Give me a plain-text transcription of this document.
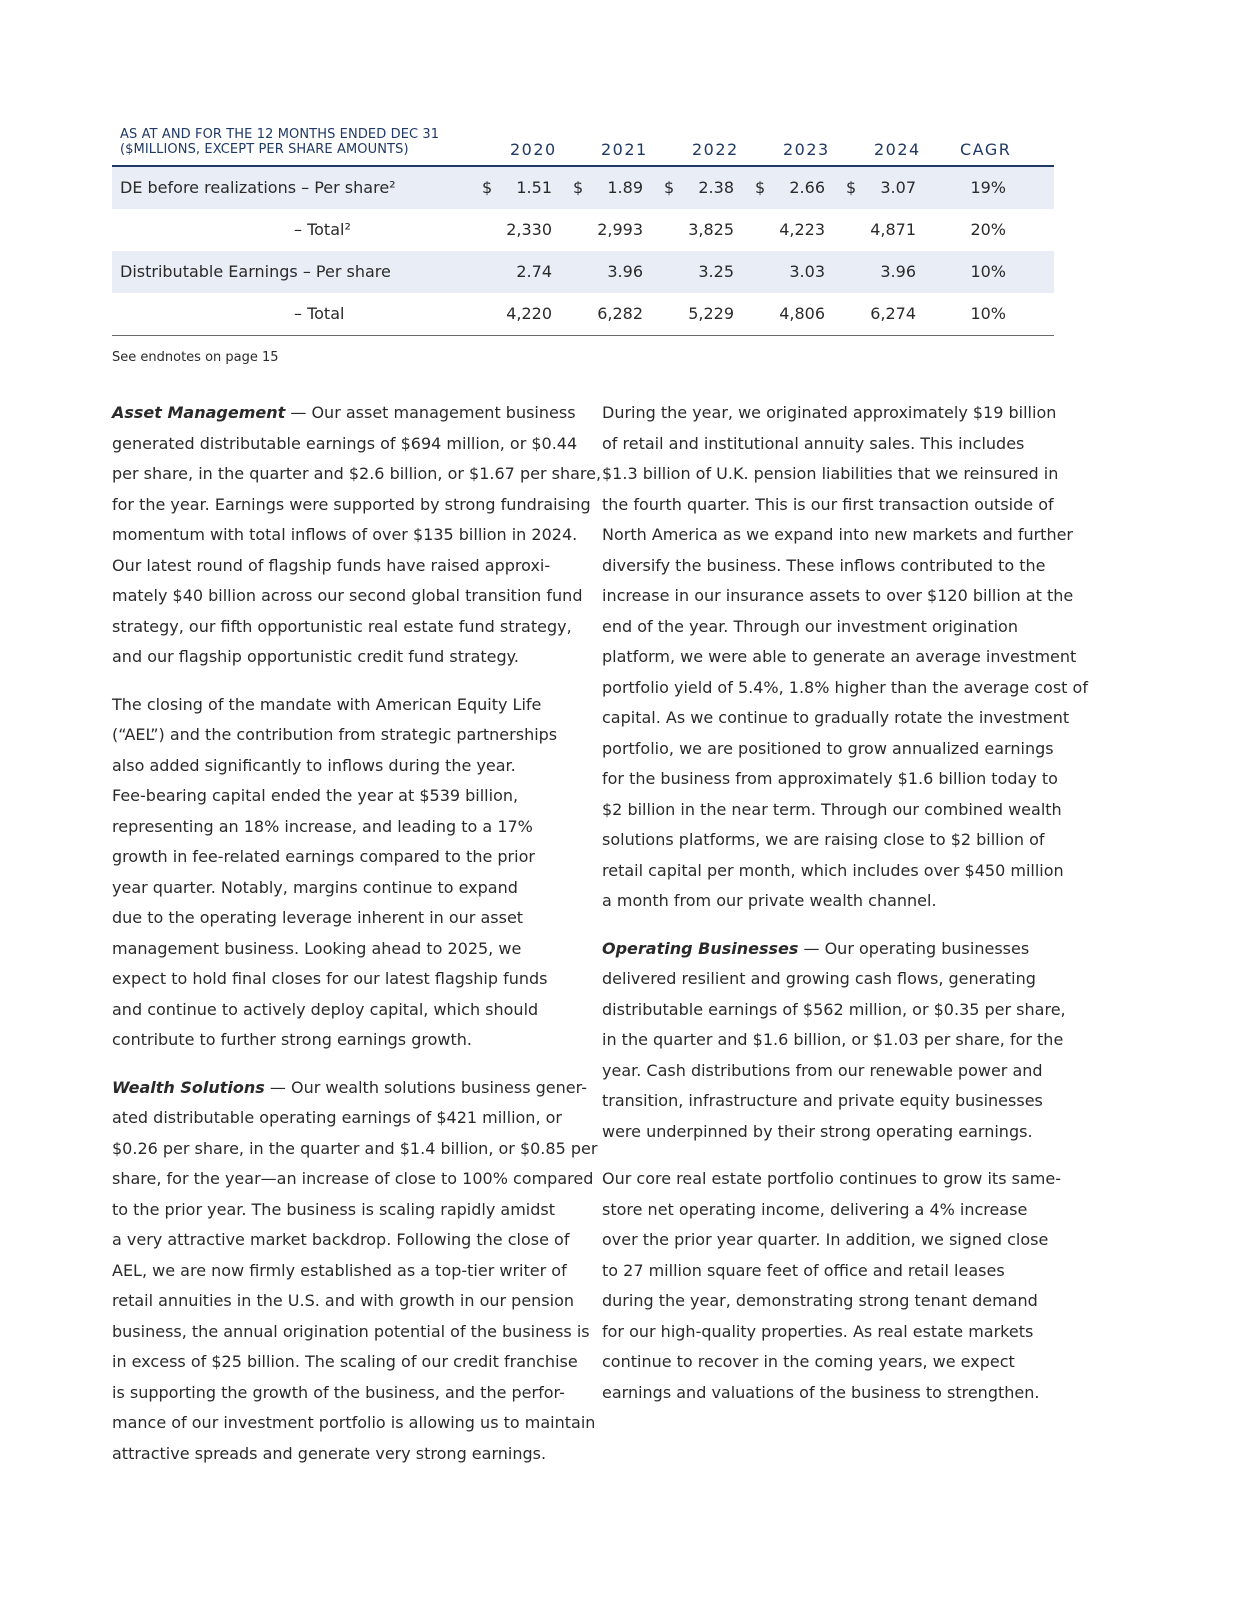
AS AT AND FOR THE 12 MONTHS ENDED DEC 31
($MILLIONS, EXCEPT PER SHARE AMOUNTS)	2020	2021	2022	2023	2024 CAGR
DE before realizations – Per share²	$	1.51 $	1.89 $	2.38 $	2.66 $	3.07	19%
– Total²	2,330	2,993	3,825	4,223	4,871	20%
Distributable Earnings – Per share	2.74	3.96	3.25	3.03	3.96	10%
– Total	4,220	6,282	5,229	4,806	6,274	10%
See endnotes on page 15

Asset Management — Our asset management business
generated distributable earnings of $694 million, or $0.44
per share, in the quarter and $2.6 billion, or $1.67 per share,
for the year. Earnings were supported by strong fundraising
momentum with total inflows of over $135 billion in 2024.
Our latest round of flagship funds have raised approxi-
mately $40 billion across our second global transition fund
strategy, our fifth opportunistic real estate fund strategy,
and our flagship opportunistic credit fund strategy.

The closing of the mandate with American Equity Life
(“AEL”) and the contribution from strategic partnerships
also added significantly to inflows during the year.
Fee-bearing capital ended the year at $539 billion,
representing an 18% increase, and leading to a 17%
growth in fee-related earnings compared to the prior
year quarter. Notably, margins continue to expand
due to the operating leverage inherent in our asset
management business. Looking ahead to 2025, we
expect to hold final closes for our latest flagship funds
and continue to actively deploy capital, which should
contribute to further strong earnings growth.

Wealth Solutions — Our wealth solutions business gener-
ated distributable operating earnings of $421 million, or
$0.26 per share, in the quarter and $1.4 billion, or $0.85 per
share, for the year—an increase of close to 100% compared
to the prior year. The business is scaling rapidly amidst
a very attractive market backdrop. Following the close of
AEL, we are now firmly established as a top-tier writer of
retail annuities in the U.S. and with growth in our pension
business, the annual origination potential of the business is
in excess of $25 billion. The scaling of our credit franchise
is supporting the growth of the business, and the perfor-
mance of our investment portfolio is allowing us to maintain
attractive spreads and generate very strong earnings.

During the year, we originated approximately $19 billion
of retail and institutional annuity sales. This includes
$1.3 billion of U.K. pension liabilities that we reinsured in
the fourth quarter. This is our first transaction outside of
North America as we expand into new markets and further
diversify the business. These inflows contributed to the
increase in our insurance assets to over $120 billion at the
end of the year. Through our investment origination
platform, we were able to generate an average investment
portfolio yield of 5.4%, 1.8% higher than the average cost of
capital. As we continue to gradually rotate the investment
portfolio, we are positioned to grow annualized earnings
for the business from approximately $1.6 billion today to
$2 billion in the near term. Through our combined wealth
solutions platforms, we are raising close to $2 billion of
retail capital per month, which includes over $450 million
a month from our private wealth channel.

Operating Businesses — Our operating businesses
delivered resilient and growing cash flows, generating
distributable earnings of $562 million, or $0.35 per share,
in the quarter and $1.6 billion, or $1.03 per share, for the
year. Cash distributions from our renewable power and
transition, infrastructure and private equity businesses
were underpinned by their strong operating earnings.

Our core real estate portfolio continues to grow its same-
store net operating income, delivering a 4% increase
over the prior year quarter. In addition, we signed close
to 27 million square feet of office and retail leases
during the year, demonstrating strong tenant demand
for our high-quality properties. As real estate markets
continue to recover in the coming years, we expect
earnings and valuations of the business to strengthen.
